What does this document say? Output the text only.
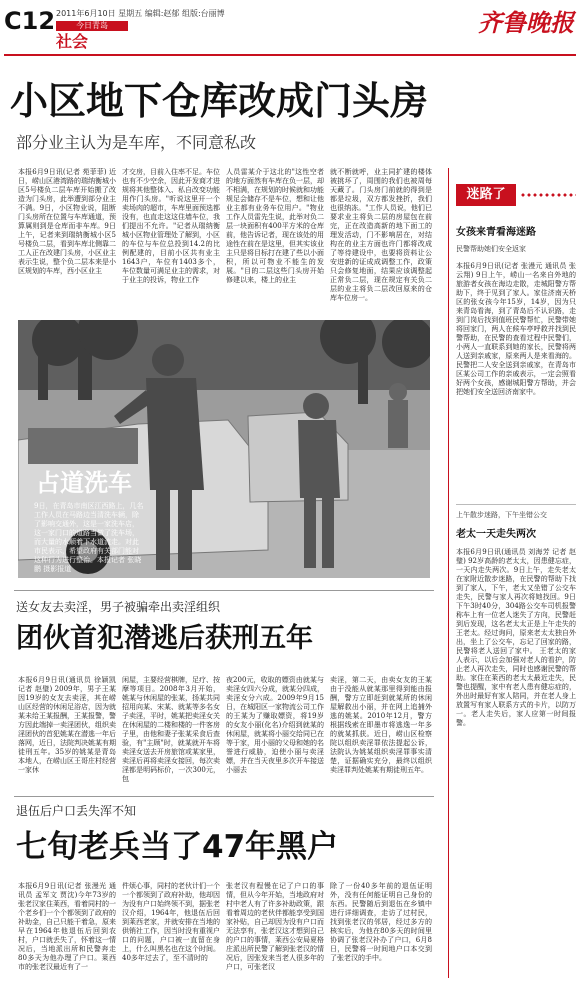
C12 2011年6月10日 星期五 编辑:赵郁 组版:台丽博
今日青岛
社会
齐鲁晚报
小区地下仓库改成门头房
部分业主认为是车库，不同意私改
本报6月9日讯(记者 苑菲菲) 近日，崂山区港湾路的瑞纳衡城小区5号楼负二层车库开始搬了改造为门头房，此举遭到部分业主不满。9日，小区物业说，阻断门头房所在位置与车库通道，预算属则到是仓库而非车库。9日上午，记者来到瑞纳衡城小区5号楼负二层，看到车库北侧靠二工人正在改建门头房，小区业主表示生说，整个负二层本来是小区规划的车库，西小区业主
才交房，目前入住率不足。车位也有不少空余，因此开发商才进规将其他整体入、私自改变功能用作门头房。"听说这里开一个卖场肉的超市，车库里面预选都没有，也直走这这住墙车位，我们提出不允许。"记者从瑞纳衡城小区物业管理处了解到，小区的车位与车位总投到14.2的比例配建的，目前小区共有业主1643户，车位有1403多个，车位数量可满足业主的需求，对于业主的投诉，物业工作
人员雷某介于这北的"这性空者的地方面然有车库在负一层，却不相满，在规划的时候就和功能规足会储存不是车位，想和让他业主都有业务车位用户。"物业工作人员雷先生说，此举对负二层一块面积有400平方米的仓库前，他告诉记者，现在该处的用途性在前在是这里，但其实该业主只是将目标打在建了些以小面积，所以可物业不能生的发展。"目的二层这些门头房开始修建以来，楼上的业主
就不断就呼，业主同扩建的楼体被挑坏了，周围的我们也被周每天藏了。门头房门前就的得到是都是垃圾，双方都发挫折，我们也很纳冻。"工作人员说，他们已要求业主将负二层的房屋包在前完，正在改造高新的地下面工的理发活动，门不影响居在，对结构在的业主方面也许门都将改成了等待建设中，也要将资料让公安进新的证成成调整工作，政策只会修复地面，结果应该调整起正常负二层，现在规定有关负二层的业主将负二层改回原来的仓库车位房一。
占道洗车
9日，在青岛市南区江西路上，几名工作人员在马路边当清洗车辆，除了影响交通外，这是一家洗车店，这一家门口的道路当做了洗车场，而大量的水顺着下水道流走。对此市民表示，希望政府有关部门能对这种行为进行整治。本报记者 张晓鹏 摄影报道
送女友去卖淫，男子被骗牵出卖淫组织
团伙首犯潜逃后获刑五年
本报6月9日讯(通讯员 徐颖凯 记者 赵璧) 2009年，男子王某因19岁的女友去卖淫，其在崂山区经营的休闲足浴店，因为就某未给王某报酬，王某报警，警方因此端掉一卖淫团伙，组织卖淫团伙的首犯姚某在潜逃一年后落网，近日，法院判决姚某有期徒刑五年。35岁的姚某是青岛本地人，在崂山区王哥庄村经营一家休
闲屋，主要经营棋牌，足疗、按摩等项目。2008年3月开始，姚某与休闲屋的张某，扬某共同招用向某、宋某、就某等多名女子卖淫，平时，姚某把卖淫女关在休闲屋的二楼和楼的一件客房子里，由他和妻子张某采食后查验，有"主顾"时，就某就开车将卖淫女送去开房旅馆或某家里，卖淫后再将卖淫女接回，每次卖淫都是明码标价，一次300元，包
夜200元，收取的嫖资由就某与卖淫女四六分成，就某分四成，卖淫女分六成。2009年9月15日，在城阳区一家物流公司工作的王某为了赚取嫖资，将19岁的女友小丽(化名)介绍到就某的休闲屋，就某将小丽交给同已在等于家，用小丽的父母和她的名誉进行威胁，迫使小丽与卖淫嫖，并在当天夜里多次开车接送小丽去
卖淫，第二天，由卖女友的王某由于没能从就某那里得到能由报酬，警方立即赶到就某所的休闲屋解救出小丽，并在网上追捕外逃的姚某。2010年12月，警方根据线索在即墨市将逃逸一年多的就某抓获。近日，崂山区检察院以组织卖淫罪依法提起公诉，法院认为姚某组织卖淫罪事实清楚，证据确实充分，最终以组织卖淫罪判处姚某有期徒刑五年。
退伍后户口丢失浑不知
七旬老兵当了47年黑户
本报6月9日讯(记者 张漫光 通讯员 孟军文 贾沈)今年73岁的张老汉家住莱西，看着同村的一个老乡们一个个都领到了政府的补助金，自己只能干着急，原来早在1964年他退伍后回到农村，户口就丢失了，怀着这一情况后，当地派出所和民警奔走80多天为他办理了户口。莱西市的张老汉最近有了一
件烦心事，同村的老伙计们一个一个都领到了政府补助，他却因为没有户口始终领不到，据张老汉介绍，1964年，他退伍后回到莱西老家，并就安排在当地的供销社工作，因当时没有重视户口的问题，户口被一直留在身上，什么叫黑名也在这个时间。40多年过去了，至不清时的
张老汉有程慢在记了户口的事情，但从今年开始，当地政府对村中老人有了许多补助政策，跟看着周边的老伙伴都能享受到国家补贴，自己却因为没有户口而无法享有，张老汉这才想到自己的户口的事情，莱西公安局夏格庄派出所民警了解到张老汉的情况后，因张发来当老人很多年的户口，可张老汉
除了一份40多年前的退伍证明外，没有任何能证明自己身份的东西。民警随后到退伍在乡镇中进行详细调查，走访了过村民，找到张老汉的邻居，经过多方的核实后，为他在80多天的时间里协调了张老汉补办了户口，6月8日，民警将一时间地户口本交到了张老汉的手中。
迷路了
女孩来青看海迷路
民警帮助她们安全返家
本报6月9日讯(记者 张漫元 通讯员 张云翔) 9日上午，崂山一名来自外地的旅游者女孩在海边走散，走城阳警方帮助下，终于见到了家人。家住济南天桥区的张女孩今年15岁，14岁，因为只来青岛看海，到了青岛后不认识路，走到门岗后找到值班民警帮忙，民警带她将回家门，两人在候车亭呼救并找到民警帮助，在民警的查看过程中民警们，小两人一直联系到她的家长，民警将两人送到亲戚家，原来两人是来看海的。 民警把二人安全送到亲戚家，在青岛市区某公司工作的亲戚表示，一定会照看好两个女孩，感谢城阳警方帮助，并会把她们安全送回济南家中。
上午散步迷路，下午坐错公交
老太一天走失两次
本报6月9日讯(通讯员 刘海芳 记者 赵璧) 92岁高龄的老太太，因患健忘症，一天内走失两次。9日上午，走失老太在家附近散步迷路，在民警的帮助下找到了家人，下午，老太又坐错了公交车走失，民警与家人再次将她找回。9日下午3时40分，304路公交车司机报警称车上有一位老人迷失了方向，民警赶到后发现，这名老太太正是上午走失的王老太。经过询问，原来老太太独自外出，坐上了公交车，忘记了回家的路，民警将老人送回了家中。 王老太的家人表示，以后会加强对老人的看护，防止老人再次走失，同时也感谢民警的帮助。家住在莱西的老太太最近走失，民警也提醒，家中有老人患有健忘症的，外出时最好有家人陪同，并在老人身上放置写有家人联系方式的卡片，以防万一。老人走失后，家人应第一时间报警。
